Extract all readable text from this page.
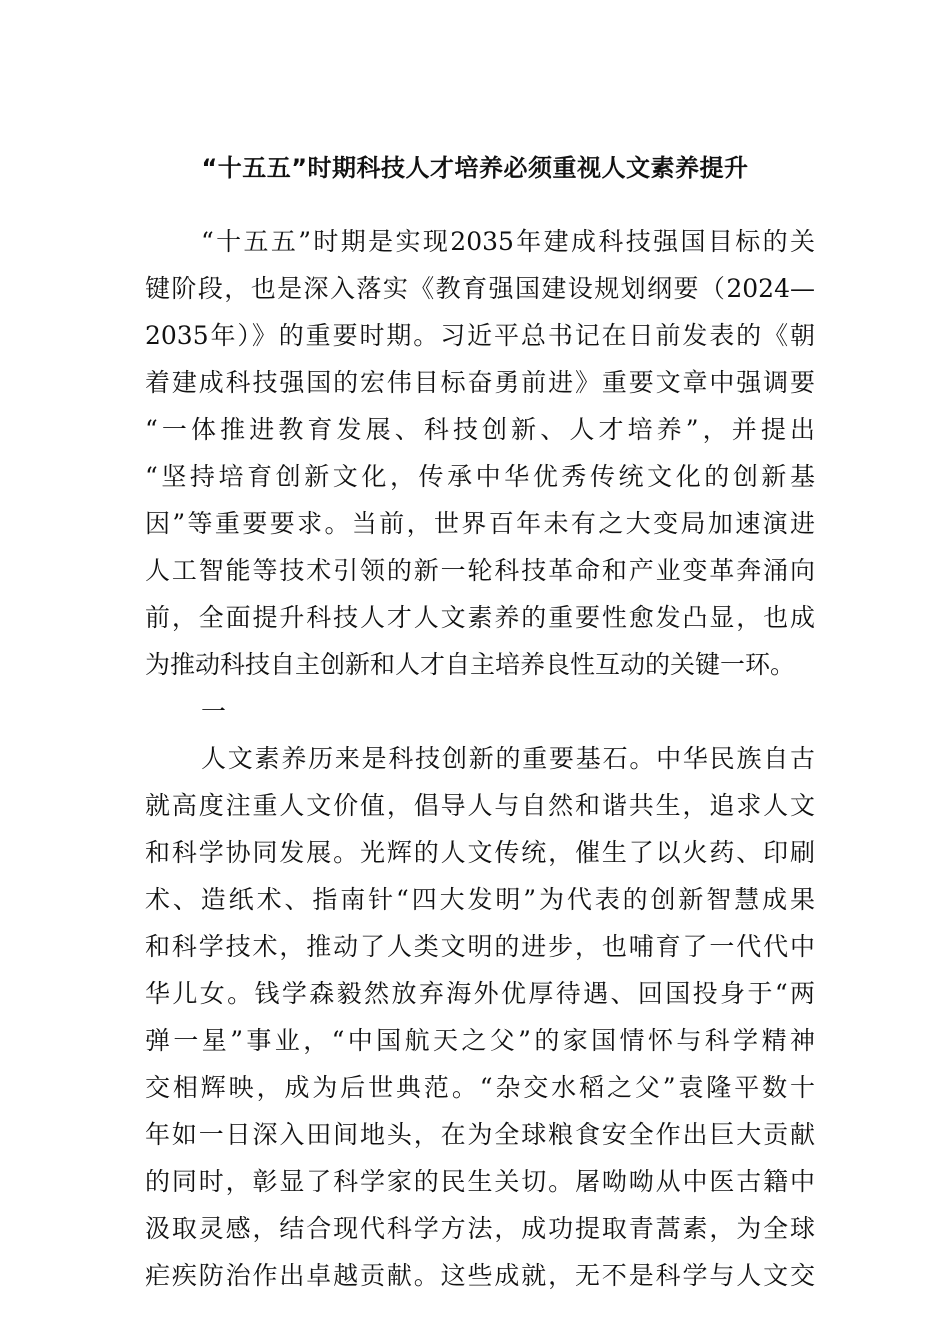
“十五五”时期科技人才培养必须重视人文素养提升
“十五五”时期是实现2035年建成科技强国目标的关
键阶段，也是深入落实《教育强国建设规划纲要（2024—
2035年）》的重要时期。习近平总书记在日前发表的《朝
着建成科技强国的宏伟目标奋勇前进》重要文章中强调要
“一体推进教育发展、科技创新、人才培养”，并提出
“坚持培育创新文化，传承中华优秀传统文化的创新基
因”等重要要求。当前，世界百年未有之大变局加速演进
人工智能等技术引领的新一轮科技革命和产业变革奔涌向
前，全面提升科技人才人文素养的重要性愈发凸显，也成
为推动科技自主创新和人才自主培养良性互动的关键一环。
一
人文素养历来是科技创新的重要基石。中华民族自古
就高度注重人文价值，倡导人与自然和谐共生，追求人文
和科学协同发展。光辉的人文传统，催生了以火药、印刷
术、造纸术、指南针“四大发明”为代表的创新智慧成果
和科学技术，推动了人类文明的进步，也哺育了一代代中
华儿女。钱学森毅然放弃海外优厚待遇、回国投身于“两
弹一星”事业，“中国航天之父”的家国情怀与科学精神
交相辉映，成为后世典范。“杂交水稻之父”袁隆平数十
年如一日深入田间地头，在为全球粮食安全作出巨大贡献
的同时，彰显了科学家的民生关切。屠呦呦从中医古籍中
汲取灵感，结合现代科学方法，成功提取青蒿素，为全球
疟疾防治作出卓越贡献。这些成就，无不是科学与人文交
